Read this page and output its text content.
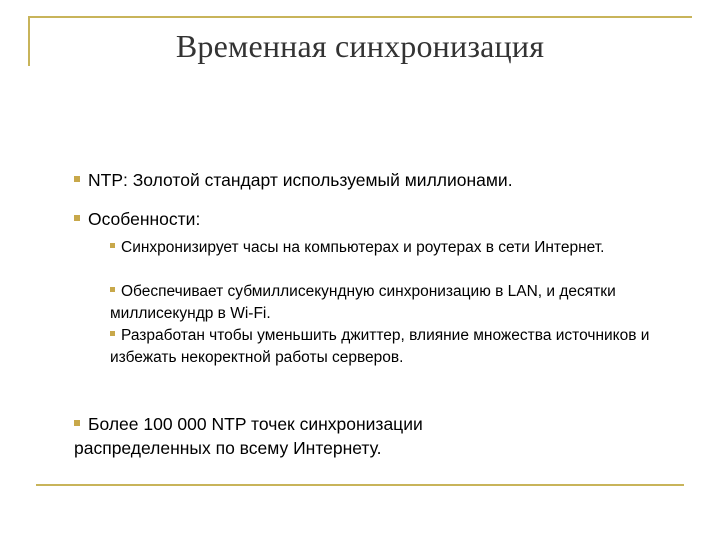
Временная синхронизация
NTP: Золотой стандарт используемый миллионами.
Особенности:
Синхронизирует часы на компьютерах и роутерах в сети Интернет.
Обеспечивает субмиллисекундную синхронизацию в LAN, и десятки миллисекундр в Wi-Fi.
Разработан чтобы уменьшить джиттер, влияние множества источников и избежать некоректной работы серверов.
Более 100 000 NTP точек синхронизации распределенных по всему Интернету.
